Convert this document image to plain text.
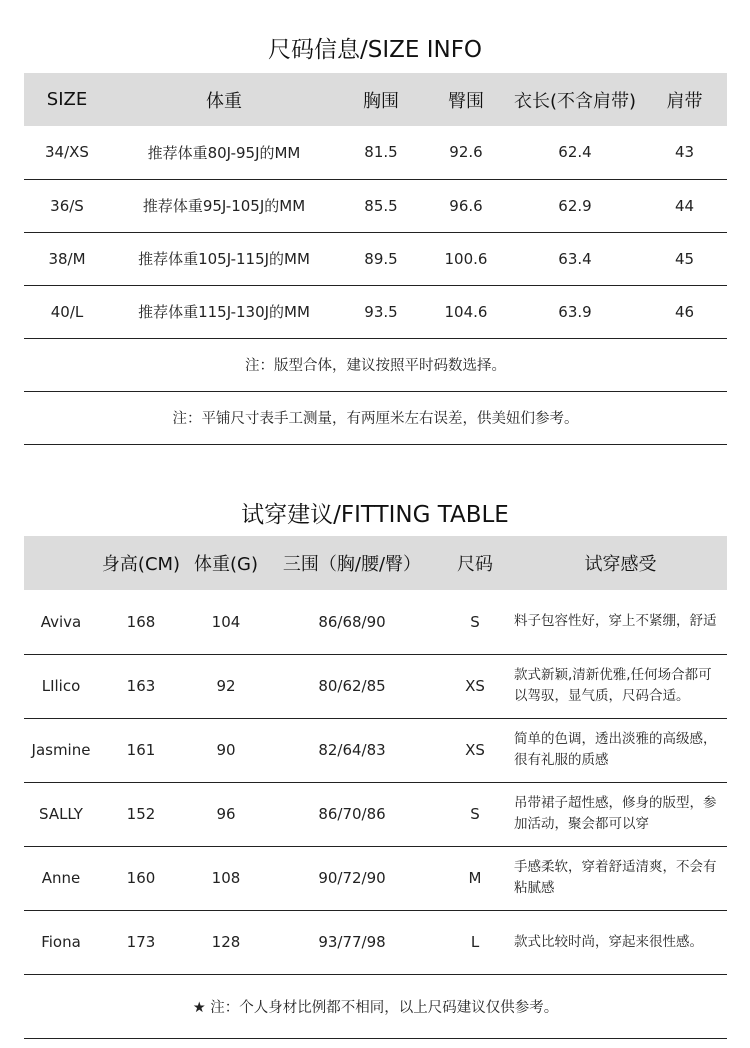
尺码信息/SIZE INFO
SIZE	体重	胸围	臀围	衣长(不含肩带)	肩带
34/XS	推荐体重80J-95J的MM	81.5	92.6	62.4	43
36/S	推荐体重95J-105J的MM	85.5	96.6	62.9	44
38/M	推荐体重105J-115J的MM	89.5	100.6	63.4	45
40/L	推荐体重115J-130J的MM	93.5	104.6	63.9	46
注：版型合体，建议按照平时码数选择。					
注：平铺尺寸表手工测量，有两厘米左右误差，供美妞们参考。					
试穿建议/FITTING TABLE
	身高(CM)	体重(G)	三围（胸/腰/臀）	尺码	试穿感受
Aviva	168	104	86/68/90	S	料子包容性好，穿上不紧绷，舒适
LIlico	163	92	80/62/85	XS	款式新颖,清新优雅,任何场合都可以驾驭，显气质，尺码合适。
Jasmine	161	90	82/64/83	XS	简单的色调，透出淡雅的高级感，很有礼服的质感
SALLY	152	96	86/70/86	S	吊带裙子超性感，修身的版型，参加活动，聚会都可以穿
Anne	160	108	90/72/90	M	手感柔软，穿着舒适清爽，不会有粘腻感
Fiona	173	128	93/77/98	L	款式比较时尚，穿起来很性感。
★ 注：个人身材比例都不相同，以上尺码建议仅供参考。					
